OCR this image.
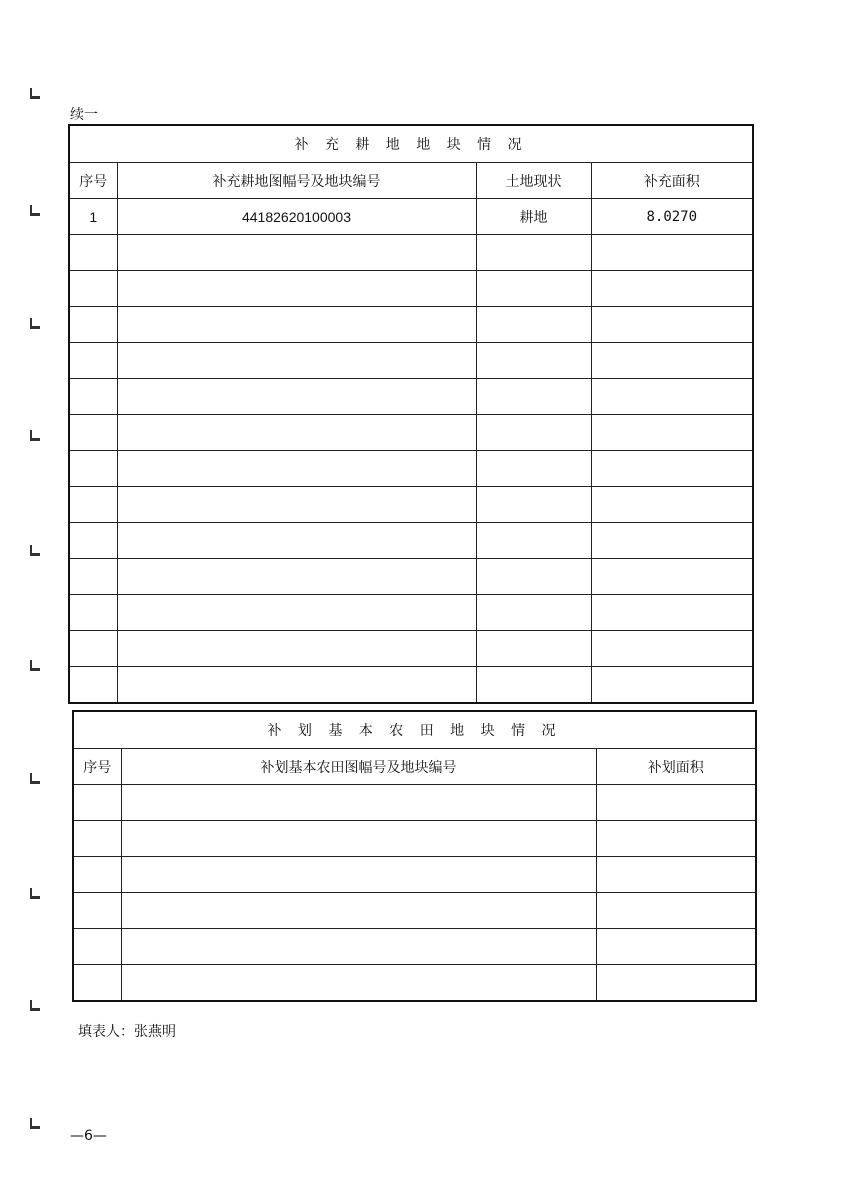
续一
补 充 耕 地 地 块 情 况			
序号	补充耕地图幅号及地块编号	土地现状	补充面积
1	44182620100003	耕地	8.0270

补 划 基 本 农 田 地 块 情 况		
序号	补划基本农田图幅号及地块编号	补划面积

填表人：张燕明
—6—
